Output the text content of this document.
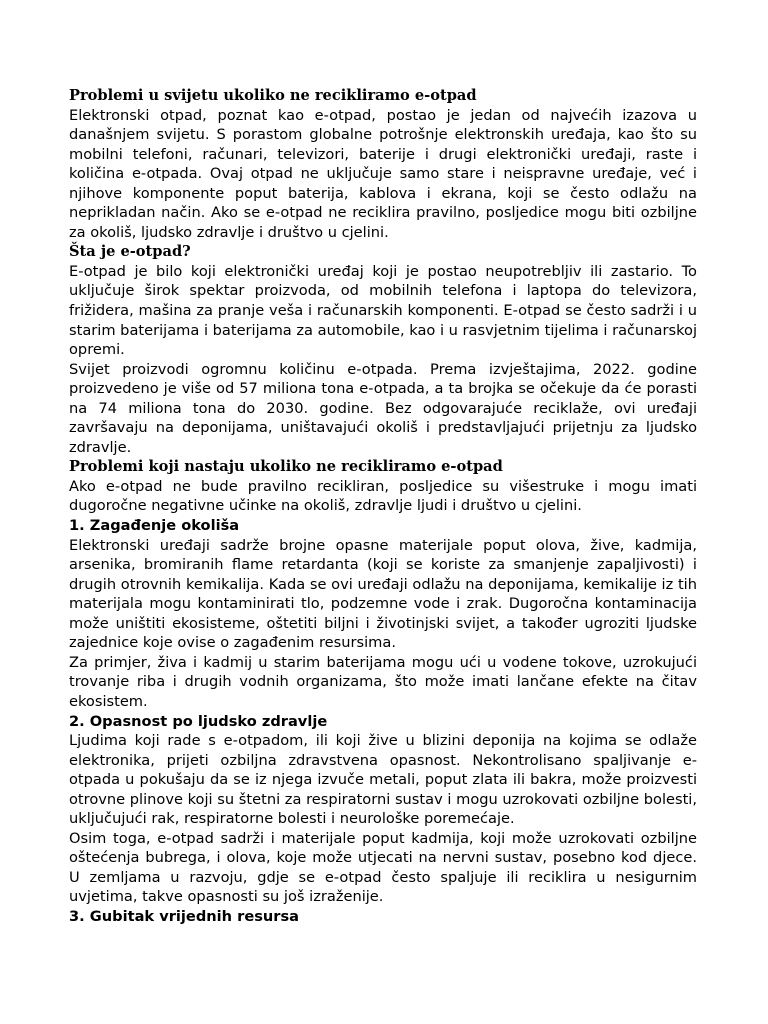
Problemi u svijetu ukoliko ne recikliramo e-otpad

Elektronski otpad, poznat kao e-otpad, postao je jedan od najvećih izazova u današnjem svijetu. S porastom globalne potrošnje elektronskih uređaja, kao što su mobilni telefoni, računari, televizori, baterije i drugi elektronički uređaji, raste i količina e-otpada. Ovaj otpad ne uključuje samo stare i neispravne uređaje, već i njihove komponente poput baterija, kablova i ekrana, koji se često odlažu na neprikladan način. Ako se e-otpad ne reciklira pravilno, posljedice mogu biti ozbiljne za okoliš, ljudsko zdravlje i društvo u cjelini.

Šta je e-otpad?

E-otpad je bilo koji elektronički uređaj koji je postao neupotrebljiv ili zastario. To uključuje širok spektar proizvoda, od mobilnih telefona i laptopa do televizora, frižidera, mašina za pranje veša i računarskih komponenti. E-otpad se često sadrži i u starim baterijama i baterijama za automobile, kao i u rasvjetnim tijelima i računarskoj opremi.

Svijet proizvodi ogromnu količinu e-otpada. Prema izvještajima, 2022. godine proizvedeno je više od 57 miliona tona e-otpada, a ta brojka se očekuje da će porasti na 74 miliona tona do 2030. godine. Bez odgovarajuće reciklaže, ovi uređaji završavaju na deponijama, uništavajući okoliš i predstavljajući prijetnju za ljudsko zdravlje.

Problemi koji nastaju ukoliko ne recikliramo e-otpad

Ako e-otpad ne bude pravilno recikliran, posljedice su višestruke i mogu imati dugoročne negativne učinke na okoliš, zdravlje ljudi i društvo u cjelini.

1. Zagađenje okoliša

Elektronski uređaji sadrže brojne opasne materijale poput olova, žive, kadmija, arsenika, bromiranih flame retardanta (koji se koriste za smanjenje zapaljivosti) i drugih otrovnih kemikalija. Kada se ovi uređaji odlažu na deponijama, kemikalije iz tih materijala mogu kontaminirati tlo, podzemne vode i zrak. Dugoročna kontaminacija može uništiti ekosisteme, oštetiti biljni i životinjski svijet, a također ugroziti ljudske zajednice koje ovise o zagađenim resursima.

Za primjer, živa i kadmij u starim baterijama mogu ući u vodene tokove, uzrokujući trovanje riba i drugih vodnih organizama, što može imati lančane efekte na čitav ekosistem.

2. Opasnost po ljudsko zdravlje

Ljudima koji rade s e-otpadom, ili koji žive u blizini deponija na kojima se odlaže elektronika, prijeti ozbiljna zdravstvena opasnost. Nekontrolisano spaljivanje e-otpada u pokušaju da se iz njega izvuče metali, poput zlata ili bakra, može proizvesti otrovne plinove koji su štetni za respiratorni sustav i mogu uzrokovati ozbiljne bolesti, uključujući rak, respiratorne bolesti i neurološke poremećaje.

Osim toga, e-otpad sadrži i materijale poput kadmija, koji može uzrokovati ozbiljne oštećenja bubrega, i olova, koje može utjecati na nervni sustav, posebno kod djece. U zemljama u razvoju, gdje se e-otpad često spaljuje ili reciklira u nesigurnim uvjetima, takve opasnosti su još izraženije.

3. Gubitak vrijednih resursa
